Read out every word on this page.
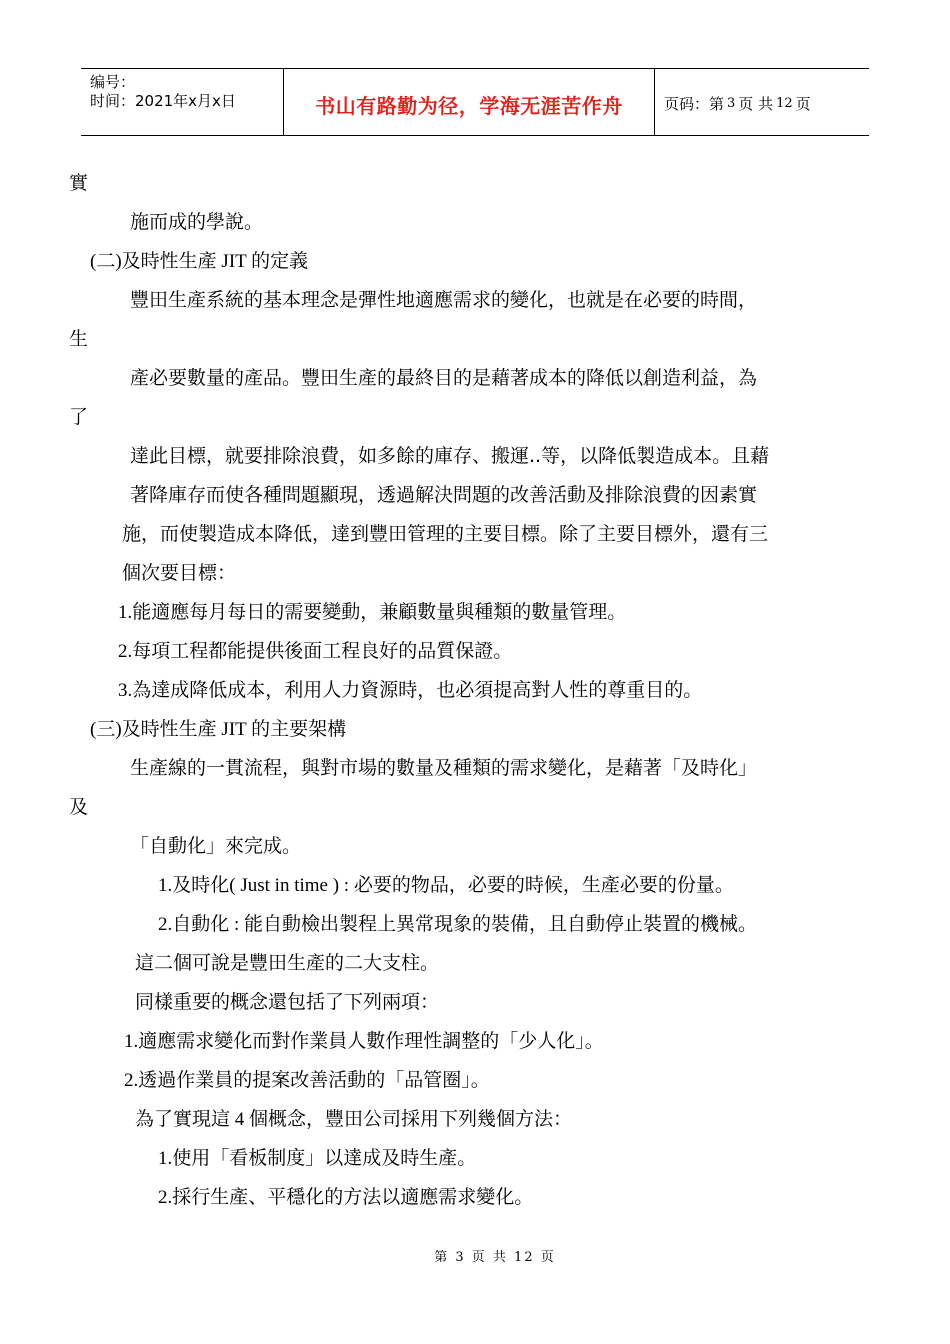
编号：
时间：2021年x月x日	书山有路勤为径，学海无涯苦作舟	页码：第 3 页 共 12 页
實
施而成的學說。
(二)及時性生產 JIT 的定義
豐田生產系統的基本理念是彈性地適應需求的變化，也就是在必要的時間，
生
產必要數量的產品。豐田生產的最終目的是藉著成本的降低以創造利益，為
了
達此目標，就要排除浪費，如多餘的庫存、搬運..等，以降低製造成本。且藉
著降庫存而使各種問題顯現，透過解決問題的改善活動及排除浪費的因素實
施，而使製造成本降低，達到豐田管理的主要目標。除了主要目標外，還有三
個次要目標：
1.能適應每月每日的需要變動，兼顧數量與種類的數量管理。
2.每項工程都能提供後面工程良好的品質保證。
3.為達成降低成本，利用人力資源時，也必須提高對人性的尊重目的。
(三)及時性生產 JIT 的主要架構
生產線的一貫流程，與對市場的數量及種類的需求變化，是藉著「及時化」
及
「自動化」來完成。
1.及時化( Just in time ) : 必要的物品，必要的時候，生產必要的份量。
2.自動化 : 能自動檢出製程上異常現象的裝備，且自動停止裝置的機械。
這二個可說是豐田生產的二大支柱。
同樣重要的概念還包括了下列兩項：
1.適應需求變化而對作業員人數作理性調整的「少人化」。
2.透過作業員的提案改善活動的「品管圈」。
為了實現這 4 個概念，豐田公司採用下列幾個方法：
1.使用「看板制度」以達成及時生產。
2.採行生產、平穩化的方法以適應需求變化。
第 3 页 共 12 页
